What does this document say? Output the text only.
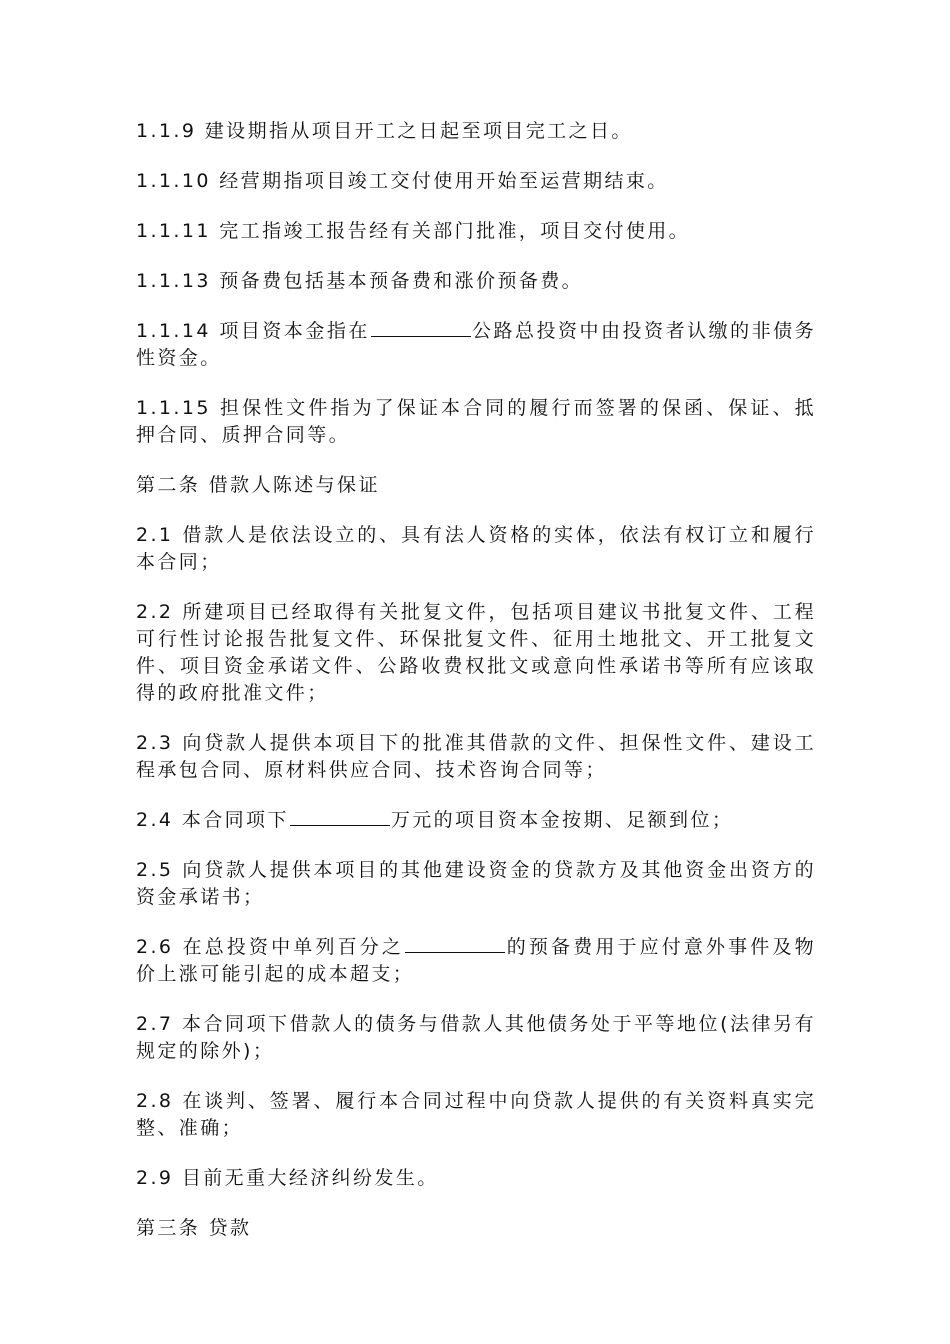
1.1.9 建设期指从项目开工之日起至项目完工之日。

1.1.10 经营期指项目竣工交付使用开始至运营期结束。

1.1.11 完工指竣工报告经有关部门批准，项目交付使用。

1.1.13 预备费包括基本预备费和涨价预备费。

1.1.14 项目资本金指在	公路总投资中由投资者认缴的非债务性资金。

1.1.15 担保性文件指为了保证本合同的履行而签署的保函、保证、抵押合同、质押合同等。

第二条 借款人陈述与保证

2.1 借款人是依法设立的、具有法人资格的实体，依法有权订立和履行本合同；

2.2 所建项目已经取得有关批复文件，包括项目建议书批复文件、工程可行性讨论报告批复文件、环保批复文件、征用土地批文、开工批复文件、项目资金承诺文件、公路收费权批文或意向性承诺书等所有应该取得的政府批准文件；

2.3 向贷款人提供本项目下的批准其借款的文件、担保性文件、建设工程承包合同、原材料供应合同、技术咨询合同等；

2.4 本合同项下	万元的项目资本金按期、足额到位；

2.5 向贷款人提供本项目的其他建设资金的贷款方及其他资金出资方的资金承诺书；

2.6 在总投资中单列百分之	的预备费用于应付意外事件及物价上涨可能引起的成本超支；

2.7 本合同项下借款人的债务与借款人其他债务处于平等地位(法律另有规定的除外)；

2.8 在谈判、签署、履行本合同过程中向贷款人提供的有关资料真实完整、准确；

2.9 目前无重大经济纠纷发生。

第三条 贷款
